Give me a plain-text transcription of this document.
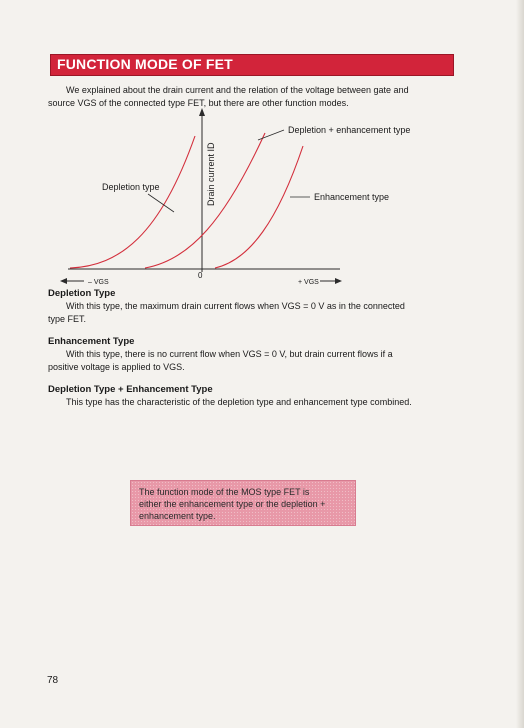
FUNCTION MODE OF FET
We explained about the drain current and the relation of the voltage between gate and
source VGS of the connected type FET, but there are other function modes.
Drain current ID
Depletion + enhancement type
Depletion type
Enhancement type
0
– VGS	+ VGS
Depletion Type
With this type, the maximum drain current flows when VGS = 0 V as in the connected
type FET.
Enhancement Type
With this type, there is no current flow when VGS = 0 V, but drain current flows if a
positive voltage is applied to VGS.
Depletion Type + Enhancement Type
This type has the characteristic of the depletion type and enhancement type combined.
The function mode of the MOS type FET is
either the enhancement type or the depletion +
enhancement type.
78
